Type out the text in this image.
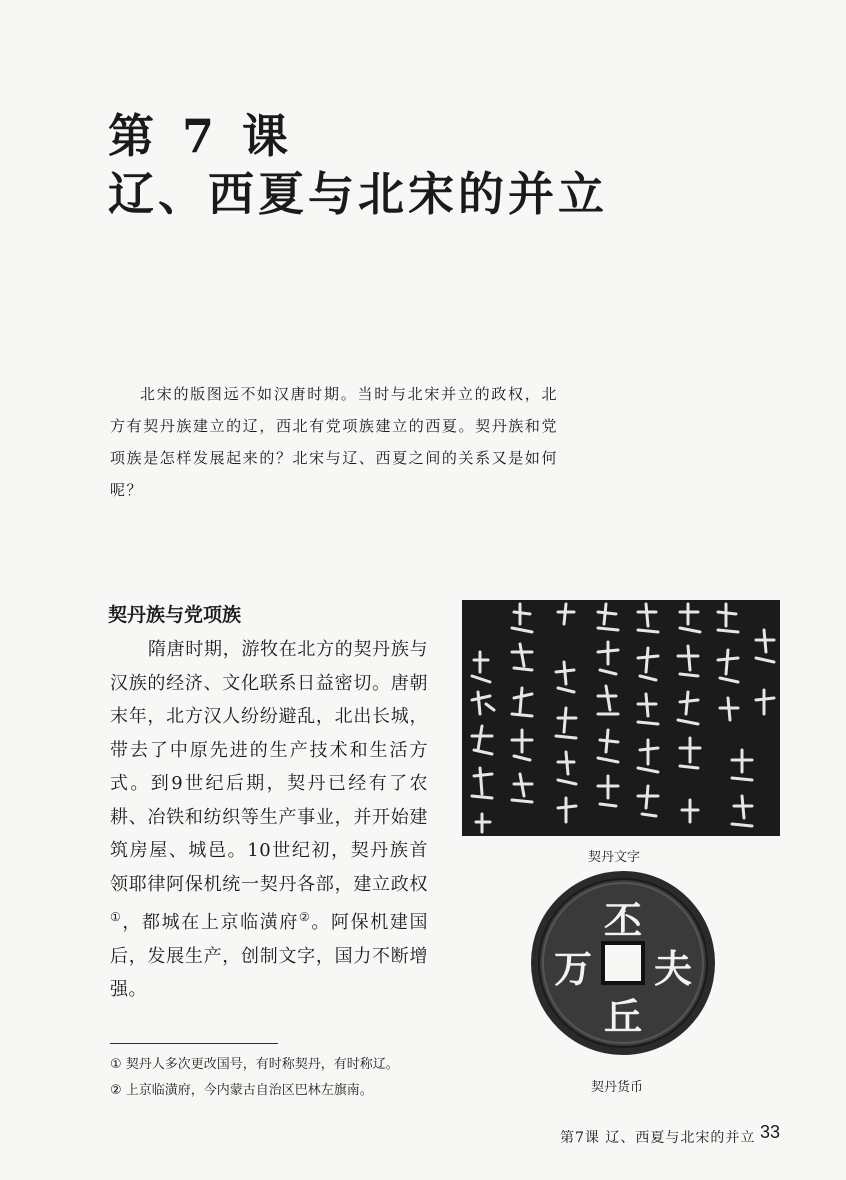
第 7 课
辽、西夏与北宋的并立

北宋的版图远不如汉唐时期。当时与北宋并立的政权，北方有契丹族建立的辽，西北有党项族建立的西夏。契丹族和党项族是怎样发展起来的？北宋与辽、西夏之间的关系又是如何呢？

契丹族与党项族

隋唐时期，游牧在北方的契丹族与汉族的经济、文化联系日益密切。唐朝末年，北方汉人纷纷避乱，北出长城，带去了中原先进的生产技术和生活方式。到9世纪后期，契丹已经有了农耕、冶铁和纺织等生产事业，并开始建筑房屋、城邑。10世纪初，契丹族首领耶律阿保机统一契丹各部，建立政权①，都城在上京临潢府②。阿保机建国后，发展生产，创制文字，国力不断增强。

契丹文字
丕
夫
丘
万
契丹货币
① 契丹人多次更改国号，有时称契丹，有时称辽。
② 上京临潢府，今内蒙古自治区巴林左旗南。
第7课 辽、西夏与北宋的并立 33
